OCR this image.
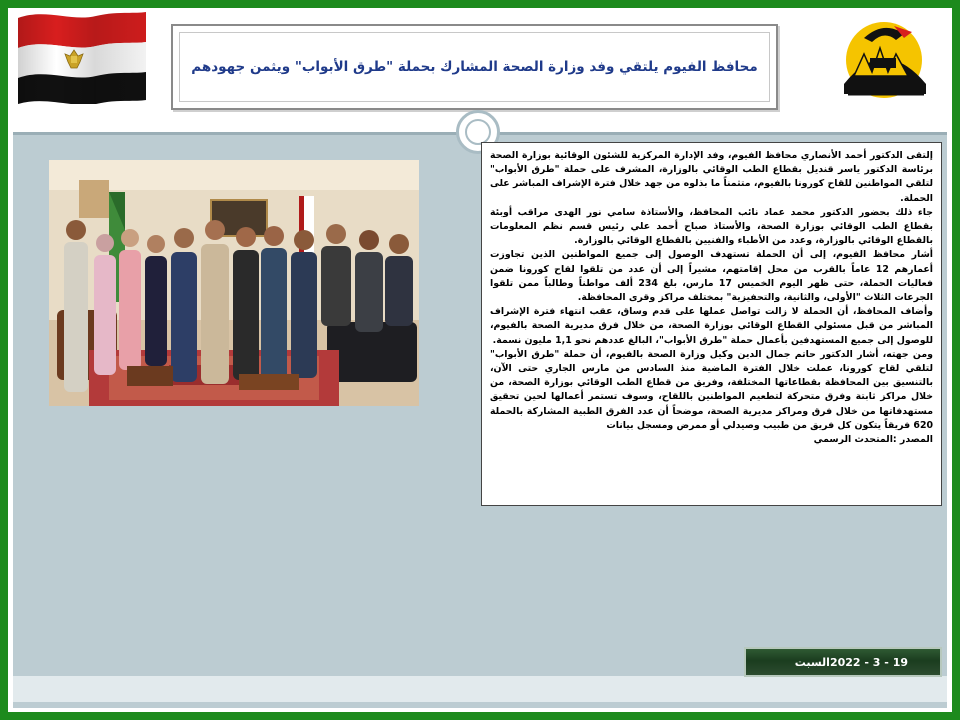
محافظ الفيوم يلتقي وفد وزارة الصحة المشارك بحملة "طرق الأبواب" ويثمن جهودهم

إلتقى الدكتور أحمد الأنصاري محافظ الفيوم، وفد الإدارة المركزية للشئون الوقائية بوزارة الصحة برئاسة الدكتور ياسر قنديل بقطاع الطب الوقائي بالوزارة، المشرف على حملة "طرق الأبواب" لتلقي المواطنين للقاح كورونا بالفيوم، متثمناً ما بذلوه من جهد خلال فترة الإشراف المباشر على الحملة.

جاء ذلك بحضور الدكتور محمد عماد نائب المحافظ، والأستاذة سامي نور الهدى مراقب أوبئة بقطاع الطب الوقائي بوزارة الصحة، والأستاذ صباح أحمد علي رئيس قسم نظم المعلومات بالقطاع الوقائي بالوزارة، وعدد من الأطباء والفنيين بالقطاع الوقائي بالوزارة.

أشار محافظ الفيوم، إلى أن الحملة تستهدف الوصول إلى جميع المواطنين الذين تجاوزت أعمارهم 12 عاماً بالقرب من محل إقامتهم، مشيراً إلى أن عدد من تلقوا لقاح كورونا ضمن فعاليات الحملة، حتى ظهر اليوم الخميس 17 مارس، بلغ 234 ألف مواطناً وطالباً ممن تلقوا الجرعات الثلاث "الأولى، والثانية، والتحفيزية" بمختلف مراكز وقرى المحافظة.

وأضاف المحافظ، أن الحملة لا زالت تواصل عملها على قدم وساق، عقب انتهاء فترة الإشراف المباشر من قبل مسئولي القطاع الوقائي بوزارة الصحة، من خلال فرق مديرية الصحة بالفيوم، للوصول إلى جميع المستهدفين بأعمال حملة "طرق الأبواب"، البالغ عددهم نحو 1,1 مليون نسمة.

ومن جهته، أشار الدكتور حاتم جمال الدين وكيل وزارة الصحة بالفيوم، أن حملة "طرق الأبواب" لتلقي لقاح كورونا، عملت خلال الفترة الماضية منذ السادس من مارس الجاري حتى الآن، بالتنسيق بين المحافظة بقطاعاتها المختلفة، وفريق من قطاع الطب الوقائي بوزارة الصحة، من خلال مراكز ثابتة وفرق متحركة لتطعيم المواطنين باللقاح، وسوف تستمر أعمالها لحين تحقيق مستهدفاتها من خلال فرق ومراكز مديرية الصحة، موضحاً أن عدد الفرق الطبية المشاركة بالحملة 620 فريقاً يتكون كل فريق من طبيب وصيدلي أو ممرض ومسجل بيانات

المصدر :المتحدث الرسمي

السبت 19 - 3 - 2022
